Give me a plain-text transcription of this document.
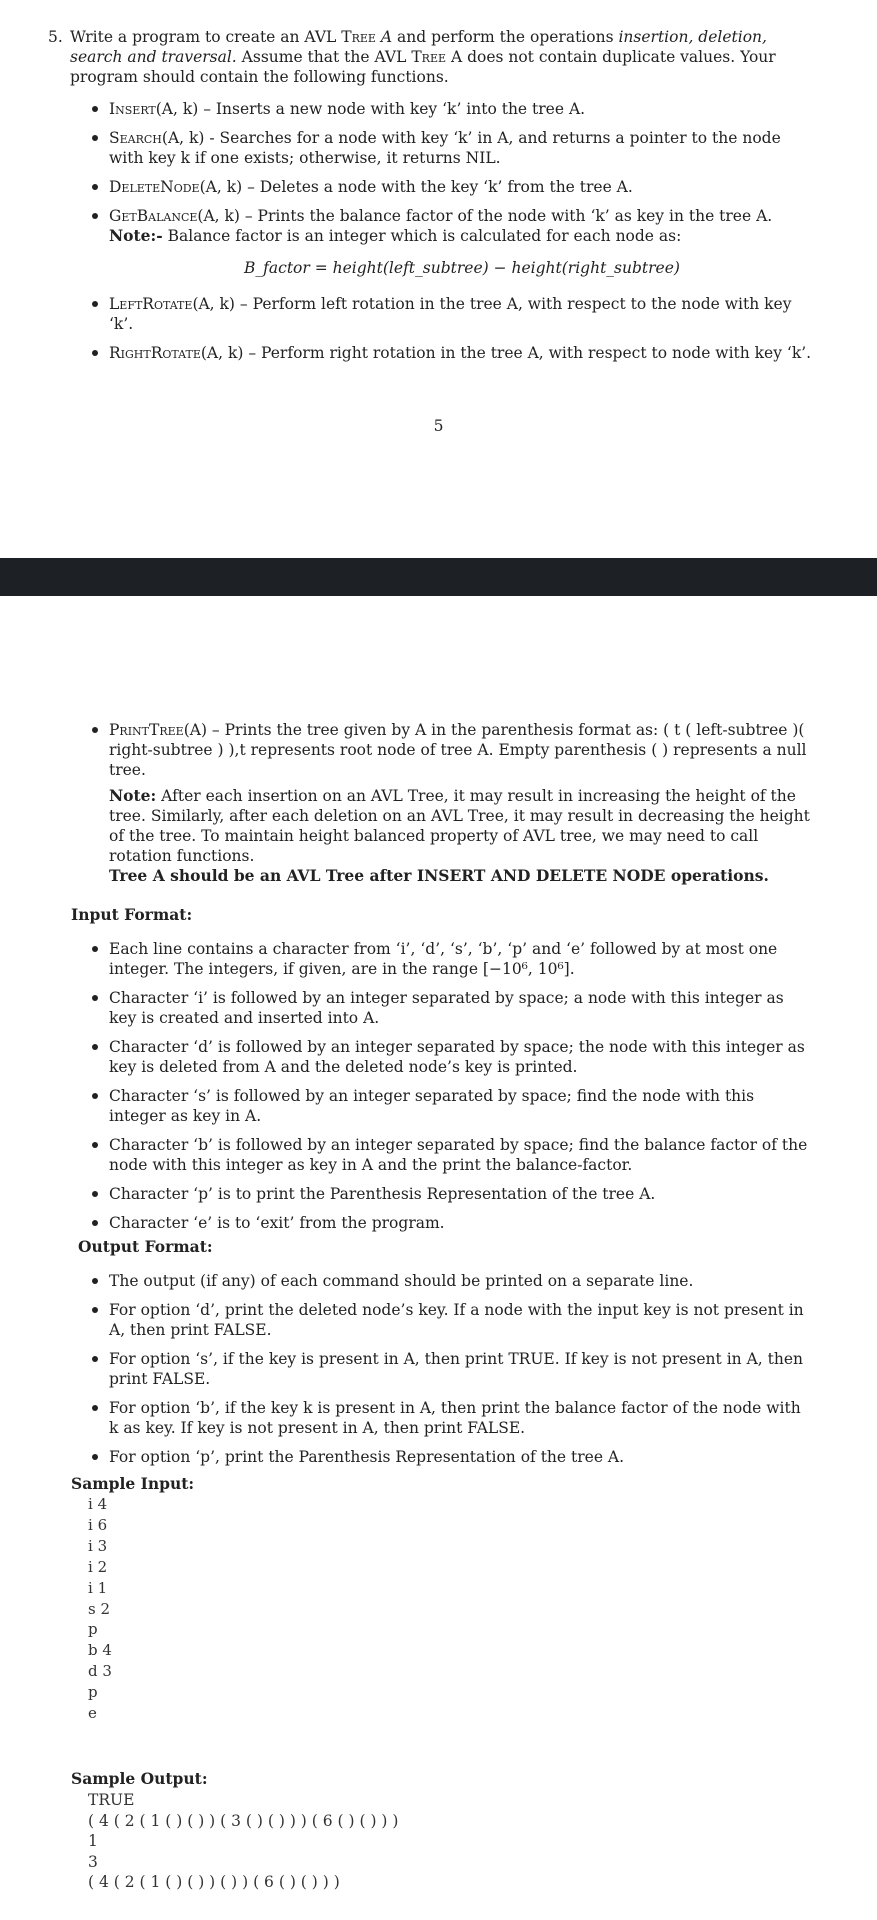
5. Write a program to create an AVL Tree A and perform the operations insertion, deletion, search and traversal. Assume that the AVL Tree A does not contain duplicate values. Your program should contain the following functions.
Insert(A, k) – Inserts a new node with key ‘k’ into the tree A.
Search(A, k) - Searches for a node with key ‘k’ in A, and returns a pointer to the node with key k if one exists; otherwise, it returns NIL.
DeleteNode(A, k) – Deletes a node with the key ‘k’ from the tree A.
GetBalance(A, k) – Prints the balance factor of the node with ‘k’ as key in the tree A.
Note:- Balance factor is an integer which is calculated for each node as:
B_factor = height(left_subtree) − height(right_subtree)
LeftRotate(A, k) – Perform left rotation in the tree A, with respect to the node with key ‘k’.
RightRotate(A, k) – Perform right rotation in the tree A, with respect to node with key ‘k’.
5
PrintTree(A) – Prints the tree given by A in the parenthesis format as: ( t ( left-subtree )( right-subtree ) ),t represents root node of tree A. Empty parenthesis ( ) represents a null tree.
Note: After each insertion on an AVL Tree, it may result in increasing the height of the tree. Similarly, after each deletion on an AVL Tree, it may result in decreasing the height of the tree. To maintain height balanced property of AVL tree, we may need to call rotation functions.
Tree A should be an AVL Tree after INSERT AND DELETE NODE operations.
Input Format:
Each line contains a character from ‘i’, ‘d’, ‘s’, ‘b’, ‘p’ and ‘e’ followed by at most one integer. The integers, if given, are in the range [−10⁶, 10⁶].
Character ‘i’ is followed by an integer separated by space; a node with this integer as key is created and inserted into A.
Character ‘d’ is followed by an integer separated by space; the node with this integer as key is deleted from A and the deleted node’s key is printed.
Character ‘s’ is followed by an integer separated by space; find the node with this integer as key in A.
Character ‘b’ is followed by an integer separated by space; find the balance factor of the node with this integer as key in A and the print the balance-factor.
Character ‘p’ is to print the Parenthesis Representation of the tree A.
Character ‘e’ is to ‘exit’ from the program.
Output Format:
The output (if any) of each command should be printed on a separate line.
For option ‘d’, print the deleted node’s key. If a node with the input key is not present in A, then print FALSE.
For option ‘s’, if the key is present in A, then print TRUE. If key is not present in A, then print FALSE.
For option ‘b’, if the key k is present in A, then print the balance factor of the node with k as key. If key is not present in A, then print FALSE.
For option ‘p’, print the Parenthesis Representation of the tree A.
Sample Input:
i 4
i 6
i 3
i 2
i 1
s 2
p
b 4
d 3
p
e
Sample Output:
TRUE
( 4 ( 2 ( 1 ( ) ( ) ) ( 3 ( ) ( ) ) ) ( 6 ( ) ( ) ) )
1
3
( 4 ( 2 ( 1 ( ) ( ) ) ( ) ) ( 6 ( ) ( ) ) )
